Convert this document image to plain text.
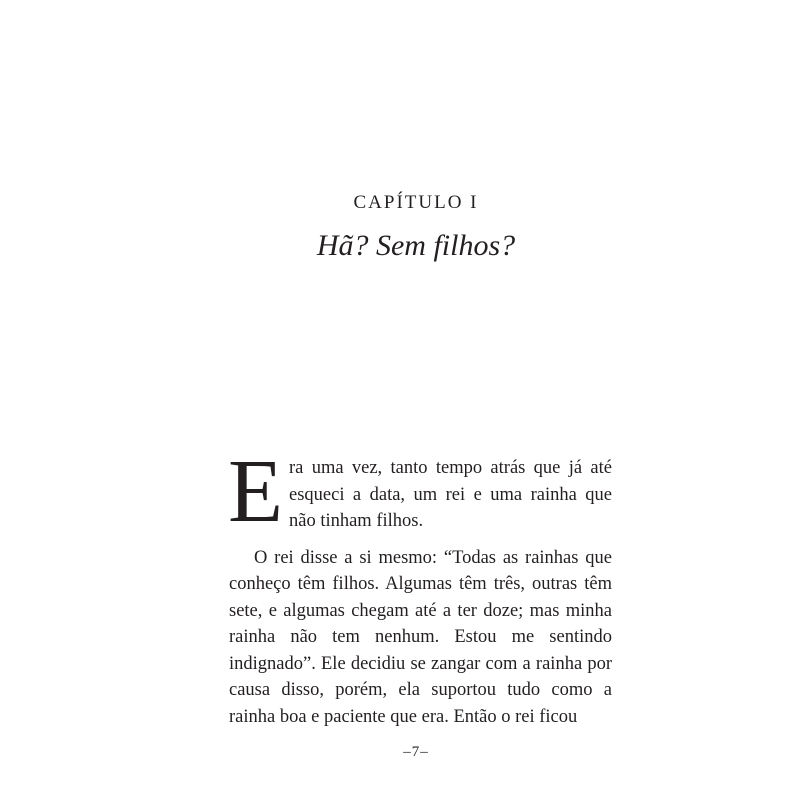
CAPÍTULO I
Hã? Sem filhos?

Era uma vez, tanto tempo atrás que já até esqueci a data, um rei e uma rainha que não tinham filhos.

O rei disse a si mesmo: “Todas as rainhas que conheço têm filhos. Algumas têm três, outras têm sete, e algumas chegam até a ter doze; mas minha rainha não tem nenhum. Estou me sentindo indignado”. Ele decidiu se zangar com a rainha por causa disso, porém, ela suportou tudo como a rainha boa e paciente que era. Então o rei ficou

–7–
